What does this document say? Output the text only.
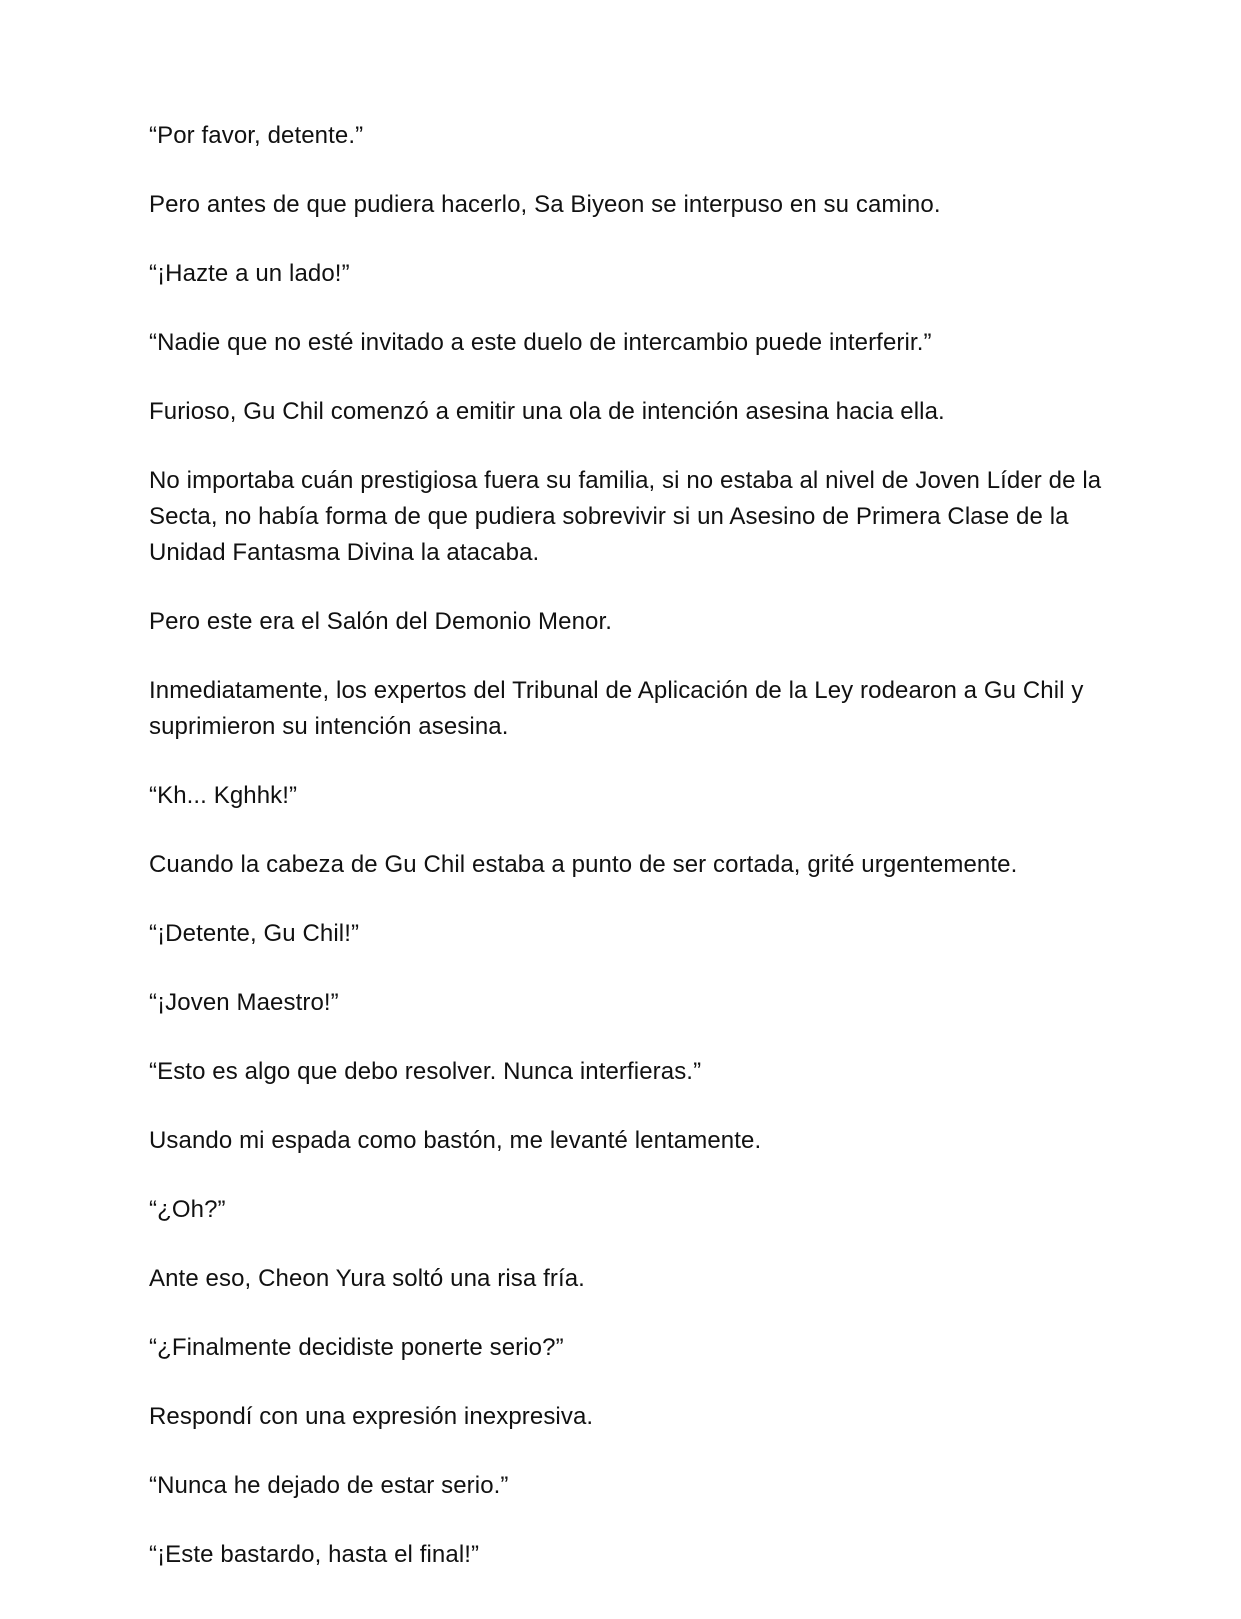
“Por favor, detente.”

Pero antes de que pudiera hacerlo, Sa Biyeon se interpuso en su camino.

“¡Hazte a un lado!”

“Nadie que no esté invitado a este duelo de intercambio puede interferir.”

Furioso, Gu Chil comenzó a emitir una ola de intención asesina hacia ella.

No importaba cuán prestigiosa fuera su familia, si no estaba al nivel de Joven Líder de la Secta, no había forma de que pudiera sobrevivir si un Asesino de Primera Clase de la Unidad Fantasma Divina la atacaba.

Pero este era el Salón del Demonio Menor.

Inmediatamente, los expertos del Tribunal de Aplicación de la Ley rodearon a Gu Chil y suprimieron su intención asesina.

“Kh... Kghhk!”

Cuando la cabeza de Gu Chil estaba a punto de ser cortada, grité urgentemente.

“¡Detente, Gu Chil!”

“¡Joven Maestro!”

“Esto es algo que debo resolver. Nunca interfieras.”

Usando mi espada como bastón, me levanté lentamente.

“¿Oh?”

Ante eso, Cheon Yura soltó una risa fría.

“¿Finalmente decidiste ponerte serio?”

Respondí con una expresión inexpresiva.

“Nunca he dejado de estar serio.”

“¡Este bastardo, hasta el final!”
